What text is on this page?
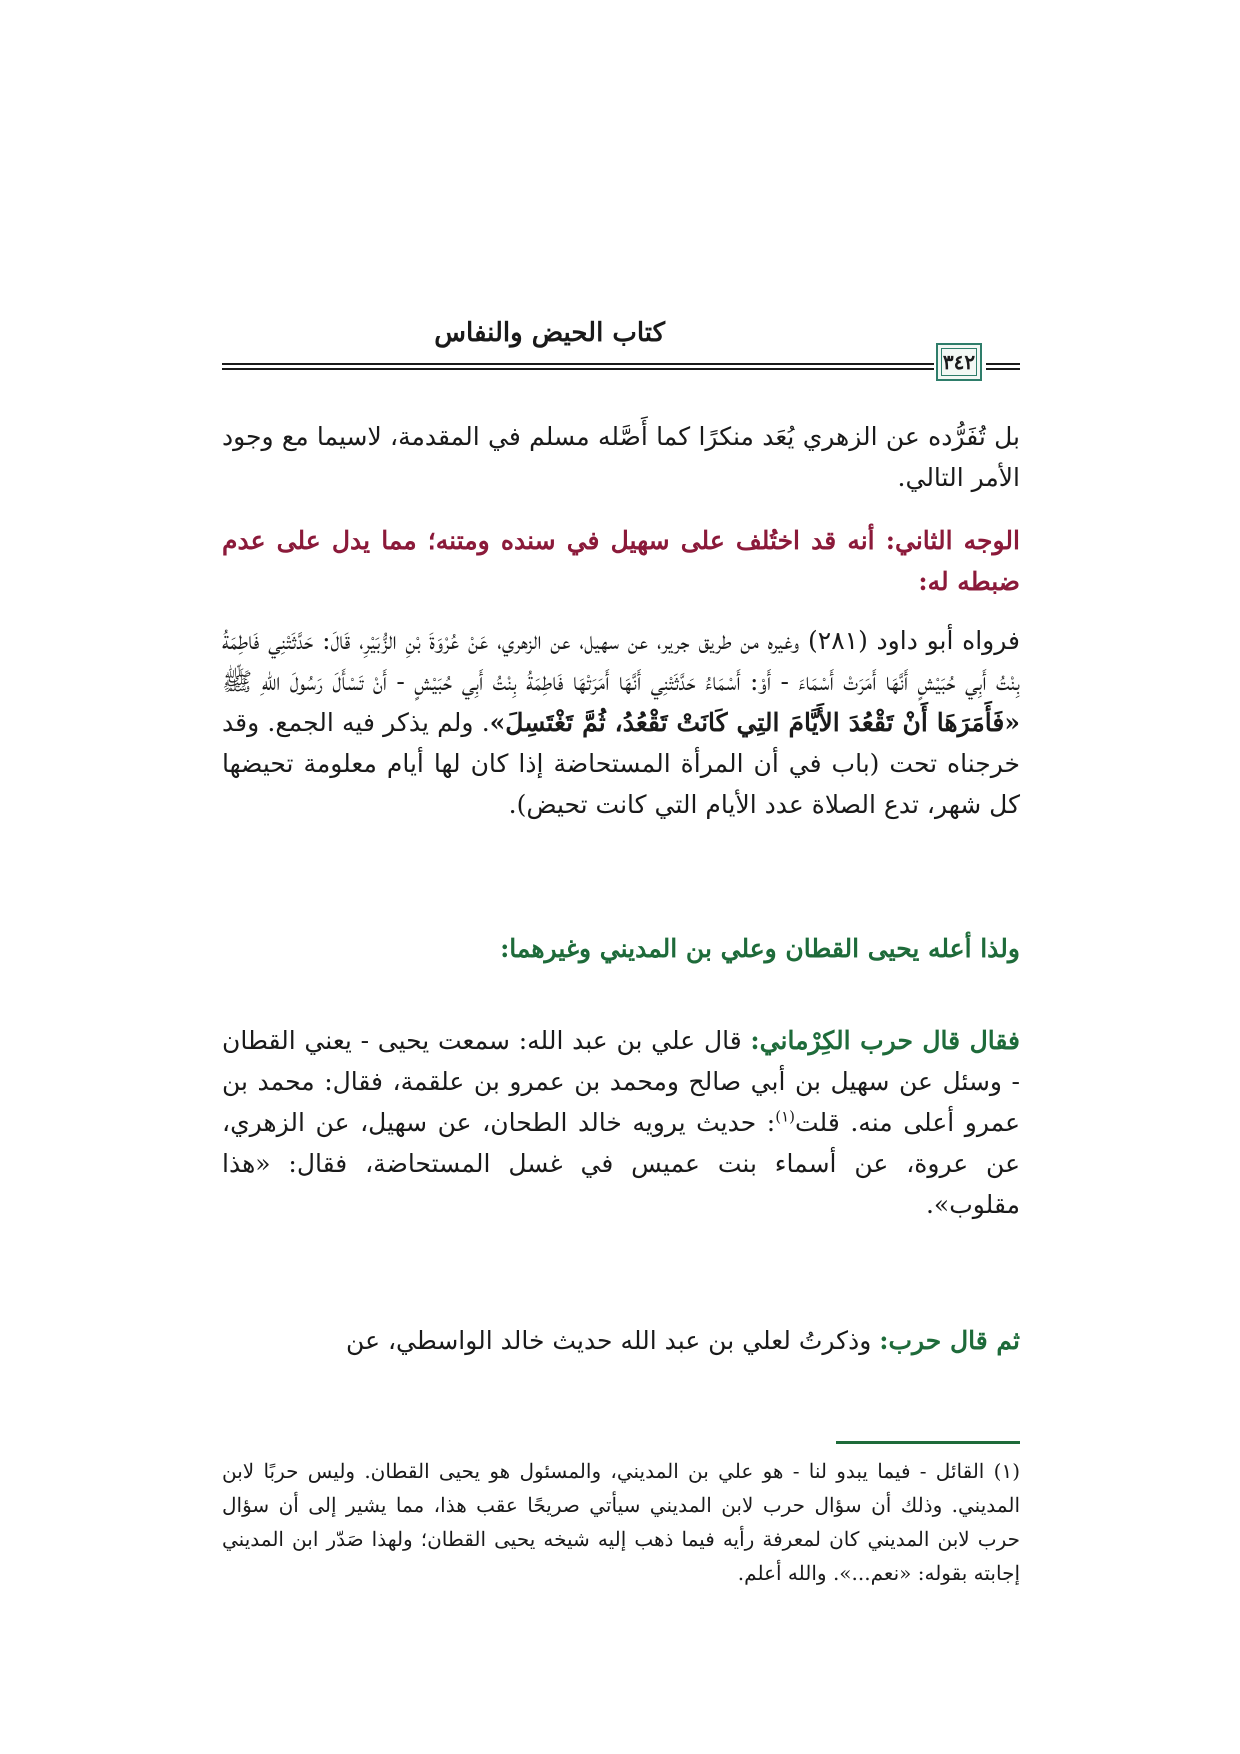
كتاب الحيض والنفاس
٣٤٢

بل تُفَرُّده عن الزهري يُعَد منكرًا كما أَصَّله مسلم في المقدمة، لاسيما مع وجود الأمر التالي.

الوجه الثاني: أنه قد اختُلف على سهيل في سنده ومتنه؛ مما يدل على عدم ضبطه له:

فرواه أبو داود (٢٨١) وغيره من طريق جرير، عن سهيل، عن الزهري، عَنْ عُرْوَةَ بْنِ الزُّبَيْرِ، قَالَ: حَدَّثَتْنِي فَاطِمَةُ بِنْتُ أَبِي حُبَيْشٍ أَنَّهَا أَمَرَتْ أَسْمَاءَ - أَوْ: أَسْمَاءُ حَدَّثَتْنِي أَنَّهَا أَمَرَتْهَا فَاطِمَةُ بِنْتُ أَبِي حُبَيْشٍ - أَنْ تَسْأَلَ رَسُولَ اللهِ ﷺ «فَأَمَرَهَا أَنْ تَقْعُدَ الأَيَّامَ التِي كَانَتْ تَقْعُدُ، ثُمَّ تَغْتَسِلَ». ولم يذكر فيه الجمع. وقد خرجناه تحت (باب في أن المرأة المستحاضة إذا كان لها أيام معلومة تحيضها كل شهر، تدع الصلاة عدد الأيام التي كانت تحيض).

ولذا أعله يحيى القطان وعلي بن المديني وغيرهما:

فقال قال حرب الكِرْماني: قال علي بن عبد الله: سمعت يحيى - يعني القطان - وسئل عن سهيل بن أبي صالح ومحمد بن عمرو بن علقمة، فقال: محمد بن عمرو أعلى منه. قلت$^{(١)}$: حديث يرويه خالد الطحان، عن سهيل، عن الزهري، عن عروة، عن أسماء بنت عميس في غسل المستحاضة، فقال: «هذا مقلوب».

ثم قال حرب: وذكرتُ لعلي بن عبد الله حديث خالد الواسطي، عن

(١) القائل - فيما يبدو لنا - هو علي بن المديني، والمسئول هو يحيى القطان. وليس حربًا لابن المديني. وذلك أن سؤال حرب لابن المديني سيأتي صريحًا عقب هذا، مما يشير إلى أن سؤال حرب لابن المديني كان لمعرفة رأيه فيما ذهب إليه شيخه يحيى القطان؛ ولهذا صَدّر ابن المديني إجابته بقوله: «نعم...». والله أعلم.
